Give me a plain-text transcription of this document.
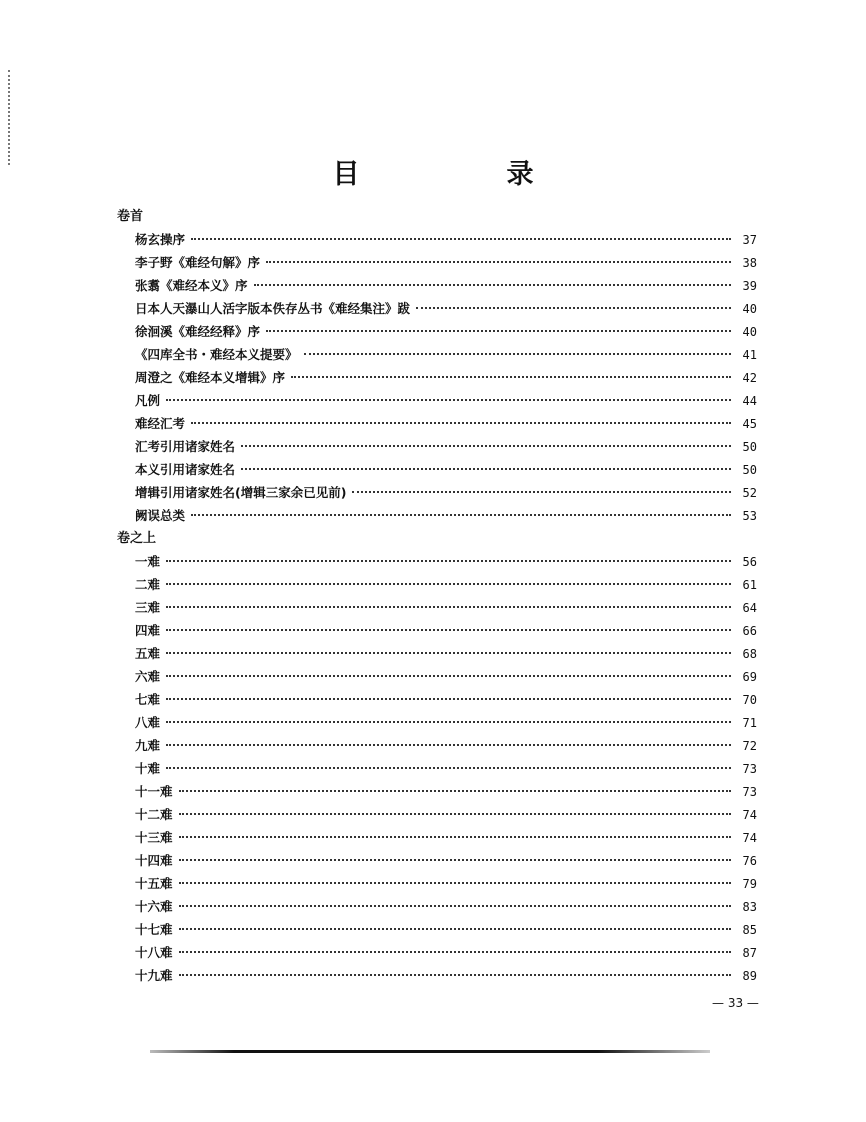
目　录
卷首
杨玄操序	37
李子野《难经句解》序	38
张翥《难经本义》序	39
日本人天瀑山人活字版本佚存丛书《难经集注》跋	40
徐洄溪《难经经释》序	40
《四库全书・难经本义提要》	41
周澄之《难经本义增辑》序	42
凡例	44
难经汇考	45
汇考引用诸家姓名	50
本义引用诸家姓名	50
增辑引用诸家姓名(增辑三家余已见前)	52
阙误总类	53
卷之上
一难	56
二难	61
三难	64
四难	66
五难	68
六难	69
七难	70
八难	71
九难	72
十难	73
十一难	73
十二难	74
十三难	74
十四难	76
十五难	79
十六难	83
十七难	85
十八难	87
十九难	89
— 33 —
